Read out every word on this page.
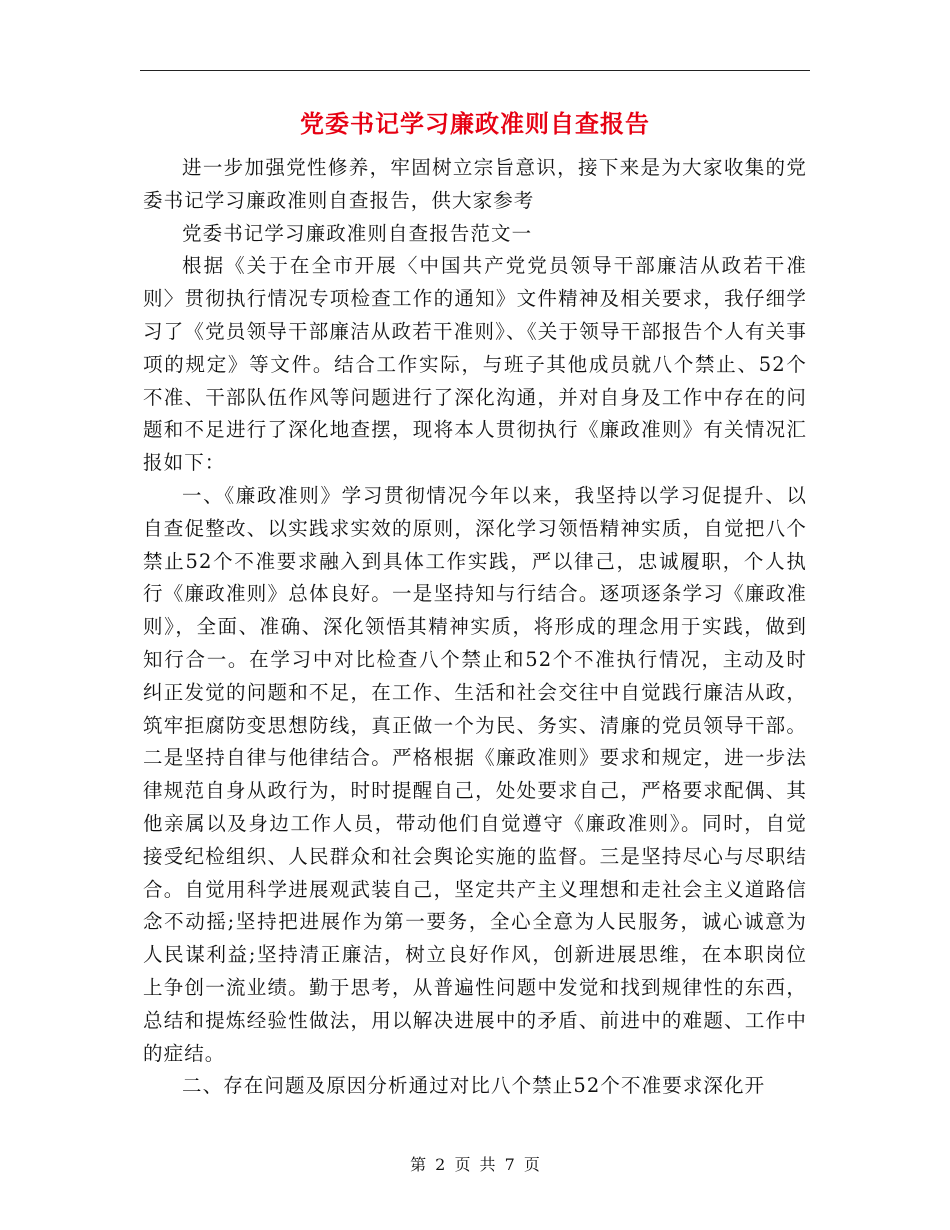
党委书记学习廉政准则自查报告

进一步加强党性修养，牢固树立宗旨意识，接下来是为大家收集的党委书记学习廉政准则自查报告，供大家参考

党委书记学习廉政准则自查报告范文一

根据《关于在全市开展〈中国共产党党员领导干部廉洁从政若干准则〉贯彻执行情况专项检查工作的通知》文件精神及相关要求，我仔细学习了《党员领导干部廉洁从政若干准则》、《关于领导干部报告个人有关事项的规定》等文件。结合工作实际，与班子其他成员就八个禁止、52个不准、干部队伍作风等问题进行了深化沟通，并对自身及工作中存在的问题和不足进行了深化地查摆，现将本人贯彻执行《廉政准则》有关情况汇报如下：

一、《廉政准则》学习贯彻情况今年以来，我坚持以学习促提升、以自查促整改、以实践求实效的原则，深化学习领悟精神实质，自觉把八个禁止52个不准要求融入到具体工作实践，严以律己，忠诚履职，个人执行《廉政准则》总体良好。一是坚持知与行结合。逐项逐条学习《廉政准则》，全面、准确、深化领悟其精神实质，将形成的理念用于实践，做到知行合一。在学习中对比检查八个禁止和52个不准执行情况，主动及时纠正发觉的问题和不足，在工作、生活和社会交往中自觉践行廉洁从政，筑牢拒腐防变思想防线，真正做一个为民、务实、清廉的党员领导干部。二是坚持自律与他律结合。严格根据《廉政准则》要求和规定，进一步法律规范自身从政行为，时时提醒自己，处处要求自己，严格要求配偶、其他亲属以及身边工作人员，带动他们自觉遵守《廉政准则》。同时，自觉接受纪检组织、人民群众和社会舆论实施的监督。三是坚持尽心与尽职结合。自觉用科学进展观武装自己，坚定共产主义理想和走社会主义道路信念不动摇;坚持把进展作为第一要务，全心全意为人民服务，诚心诚意为人民谋利益;坚持清正廉洁，树立良好作风，创新进展思维，在本职岗位上争创一流业绩。勤于思考，从普遍性问题中发觉和找到规律性的东西，总结和提炼经验性做法，用以解决进展中的矛盾、前进中的难题、工作中的症结。

二、存在问题及原因分析通过对比八个禁止52个不准要求深化开

第 2 页 共 7 页
